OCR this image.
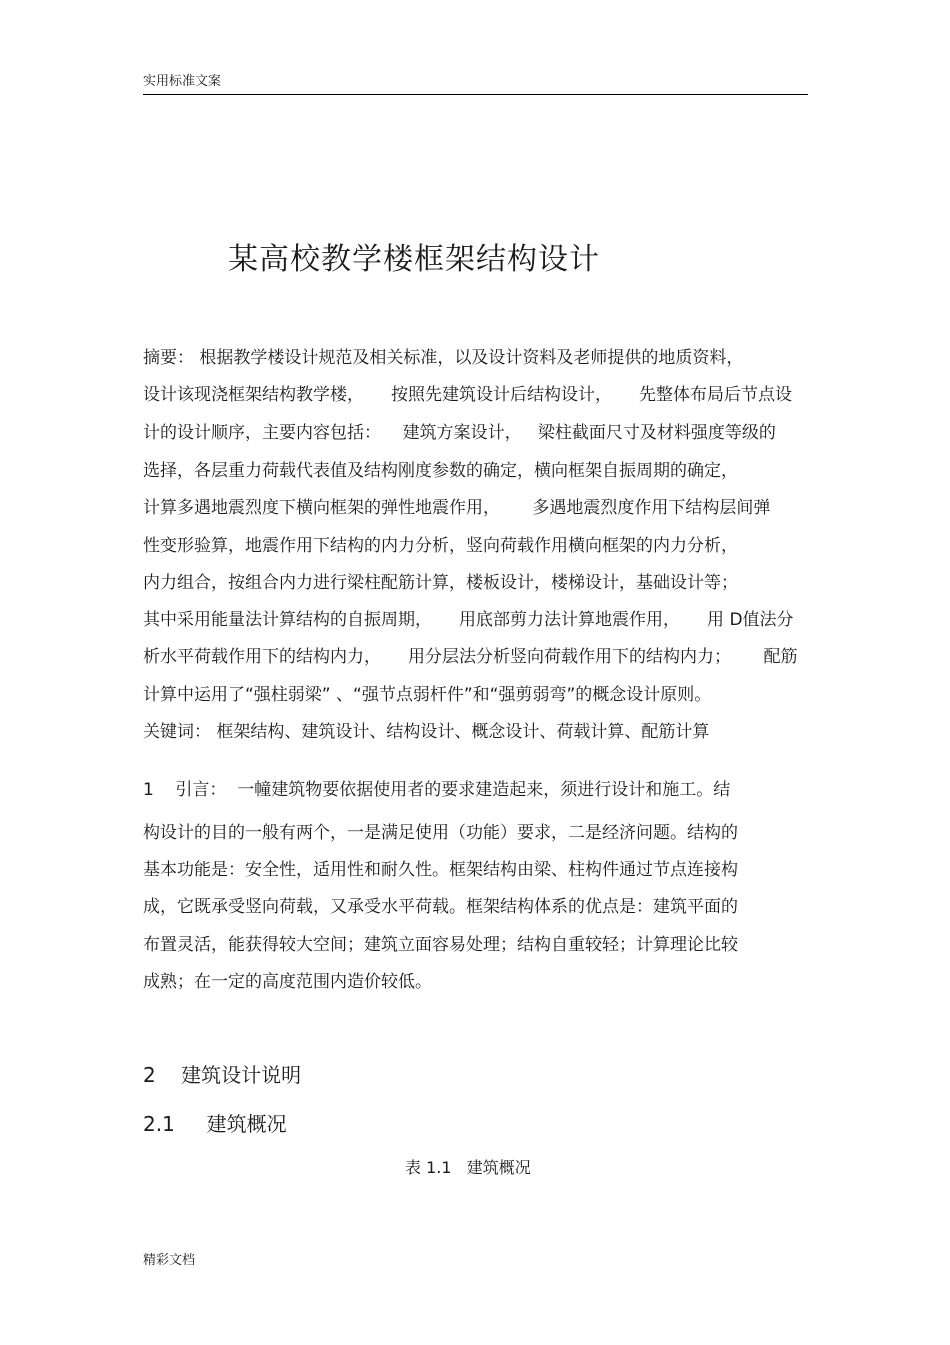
实用标准文案
某高校教学楼框架结构设计
摘要： 根据教学楼设计规范及相关标准，以及设计资料及老师提供的地质资料，
设计该现浇框架结构教学楼，     按照先建筑设计后结构设计，     先整体布局后节点设
计的设计顺序，主要内容包括：    建筑方案设计，   梁柱截面尺寸及材料强度等级的
选择，各层重力荷载代表值及结构刚度参数的确定，横向框架自振周期的确定，
计算多遇地震烈度下横向框架的弹性地震作用，      多遇地震烈度作用下结构层间弹
性变形验算，地震作用下结构的内力分析，竖向荷载作用横向框架的内力分析，
内力组合，按组合内力进行梁柱配筋计算，楼板设计，楼梯设计，基础设计等；
其中采用能量法计算结构的自振周期，     用底部剪力法计算地震作用，     用 D值法分
析水平荷载作用下的结构内力，     用分层法分析竖向荷载作用下的结构内力；      配筋
计算中运用了“强柱弱梁” 、“强节点弱杆件”和“强剪弱弯”的概念设计原则。
关键词： 框架结构、建筑设计、结构设计、概念设计、荷载计算、配筋计算
1    引言：  一幢建筑物要依据使用者的要求建造起来，须进行设计和施工。结
构设计的目的一般有两个，一是满足使用（功能）要求，二是经济问题。结构的
基本功能是：安全性，适用性和耐久性。框架结构由梁、柱构件通过节点连接构
成，它既承受竖向荷载，又承受水平荷载。框架结构体系的优点是：建筑平面的
布置灵活，能获得较大空间；建筑立面容易处理；结构自重较轻；计算理论比较
成熟；在一定的高度范围内造价较低。
2    建筑设计说明
2.1     建筑概况
表 1.1   建筑概况
精彩文档
